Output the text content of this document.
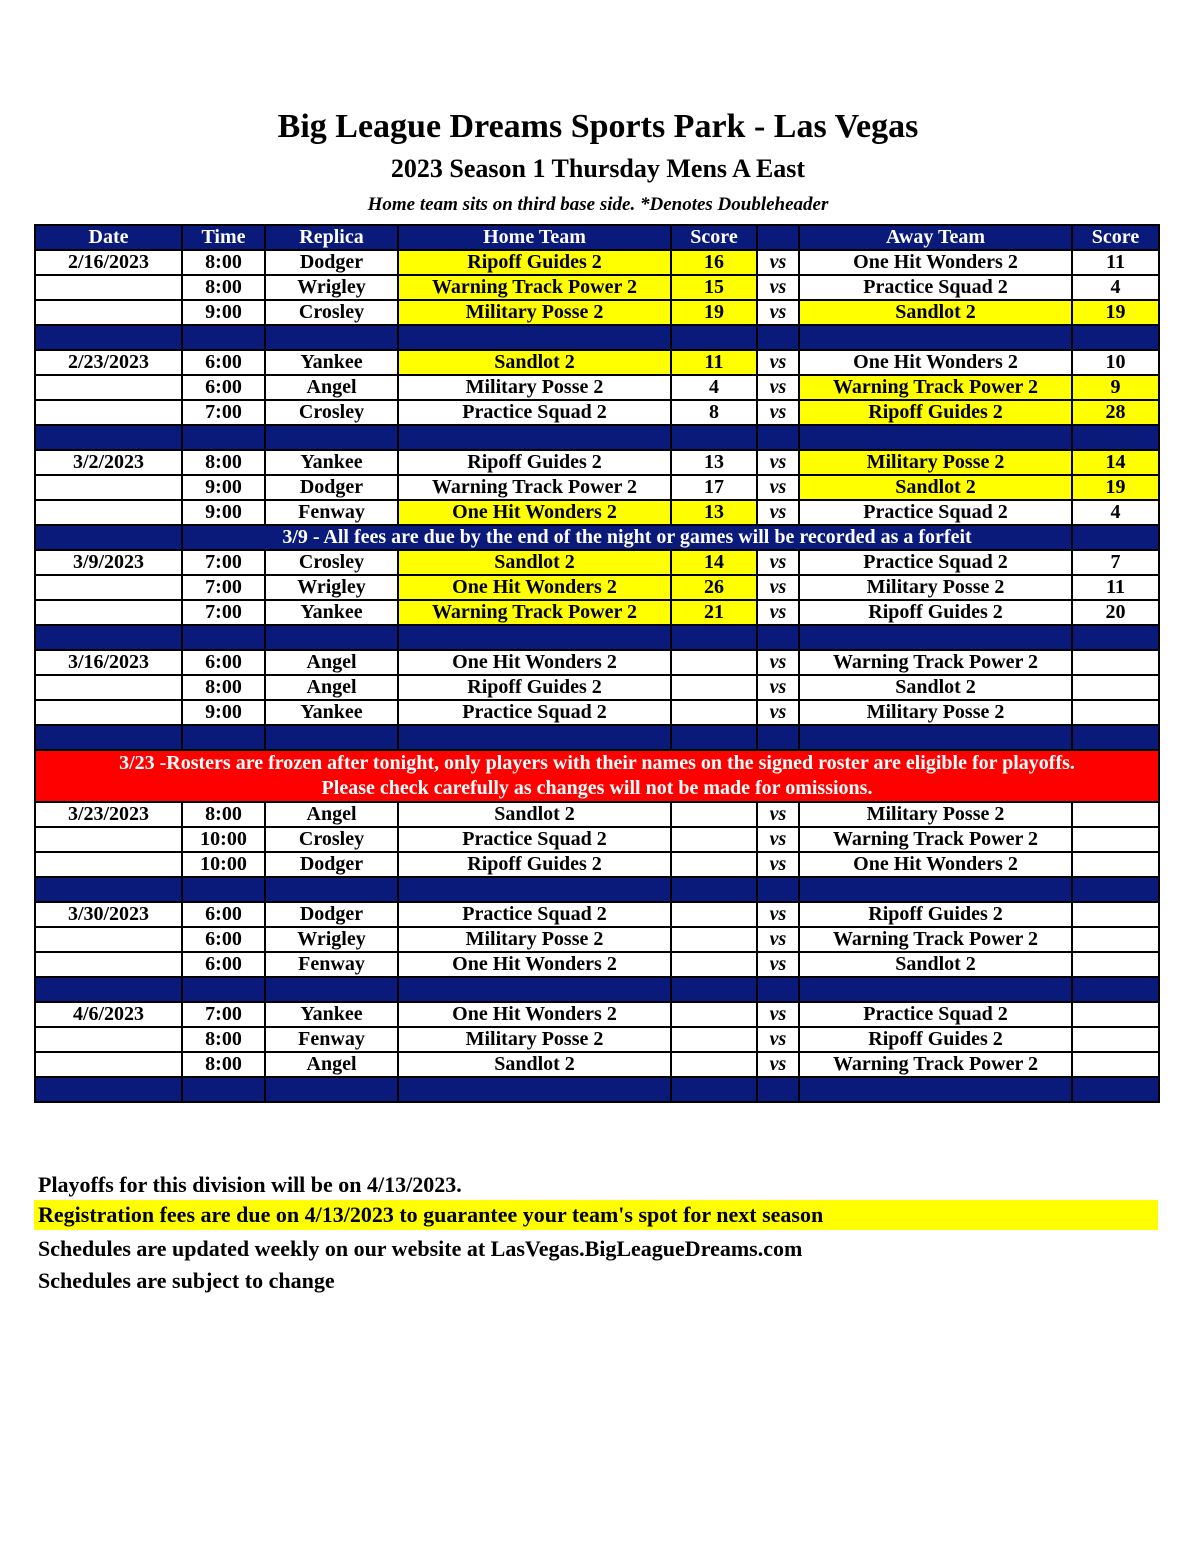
Big League Dreams Sports Park - Las Vegas
2023 Season 1 Thursday Mens A East
Home team sits on third base side. *Denotes Doubleheader
Date	Time	Replica	Home Team	Score		Away Team	Score
2/16/2023	8:00	Dodger	Ripoff Guides 2	16	vs	One Hit Wonders 2	11
	8:00	Wrigley	Warning Track Power 2	15	vs	Practice Squad 2	4
	9:00	Crosley	Military Posse 2	19	vs	Sandlot 2	19

2/23/2023	6:00	Yankee	Sandlot 2	11	vs	One Hit Wonders 2	10
	6:00	Angel	Military Posse 2	4	vs	Warning Track Power 2	9
	7:00	Crosley	Practice Squad 2	8	vs	Ripoff Guides 2	28

3/2/2023	8:00	Yankee	Ripoff Guides 2	13	vs	Military Posse 2	14
	9:00	Dodger	Warning Track Power 2	17	vs	Sandlot 2	19
	9:00	Fenway	One Hit Wonders 2	13	vs	Practice Squad 2	4
	3/9 - All fees are due by the end of the night or games will be recorded as a forfeit						
3/9/2023	7:00	Crosley	Sandlot 2	14	vs	Practice Squad 2	7
	7:00	Wrigley	One Hit Wonders 2	26	vs	Military Posse 2	11
	7:00	Yankee	Warning Track Power 2	21	vs	Ripoff Guides 2	20

3/16/2023	6:00	Angel	One Hit Wonders 2		vs	Warning Track Power 2	
	8:00	Angel	Ripoff Guides 2		vs	Sandlot 2	
	9:00	Yankee	Practice Squad 2		vs	Military Posse 2	

3/23 -Rosters are frozen after tonight, only players with their names on the signed roster are eligible for playoffs.
Please check carefully as changes will not be made for omissions.							

3/23/2023	8:00	Angel	Sandlot 2		vs	Military Posse 2	
	10:00	Crosley	Practice Squad 2		vs	Warning Track Power 2	
	10:00	Dodger	Ripoff Guides 2		vs	One Hit Wonders 2	

3/30/2023	6:00	Dodger	Practice Squad 2		vs	Ripoff Guides 2	
	6:00	Wrigley	Military Posse 2		vs	Warning Track Power 2	
	6:00	Fenway	One Hit Wonders 2		vs	Sandlot 2	

4/6/2023	7:00	Yankee	One Hit Wonders 2		vs	Practice Squad 2	
	8:00	Fenway	Military Posse 2		vs	Ripoff Guides 2	
	8:00	Angel	Sandlot 2		vs	Warning Track Power 2	

Playoffs for this division will be on 4/13/2023.
Registration fees are due on 4/13/2023 to guarantee your team's spot for next season
Schedules are updated weekly on our website at LasVegas.BigLeagueDreams.com
Schedules are subject to change
